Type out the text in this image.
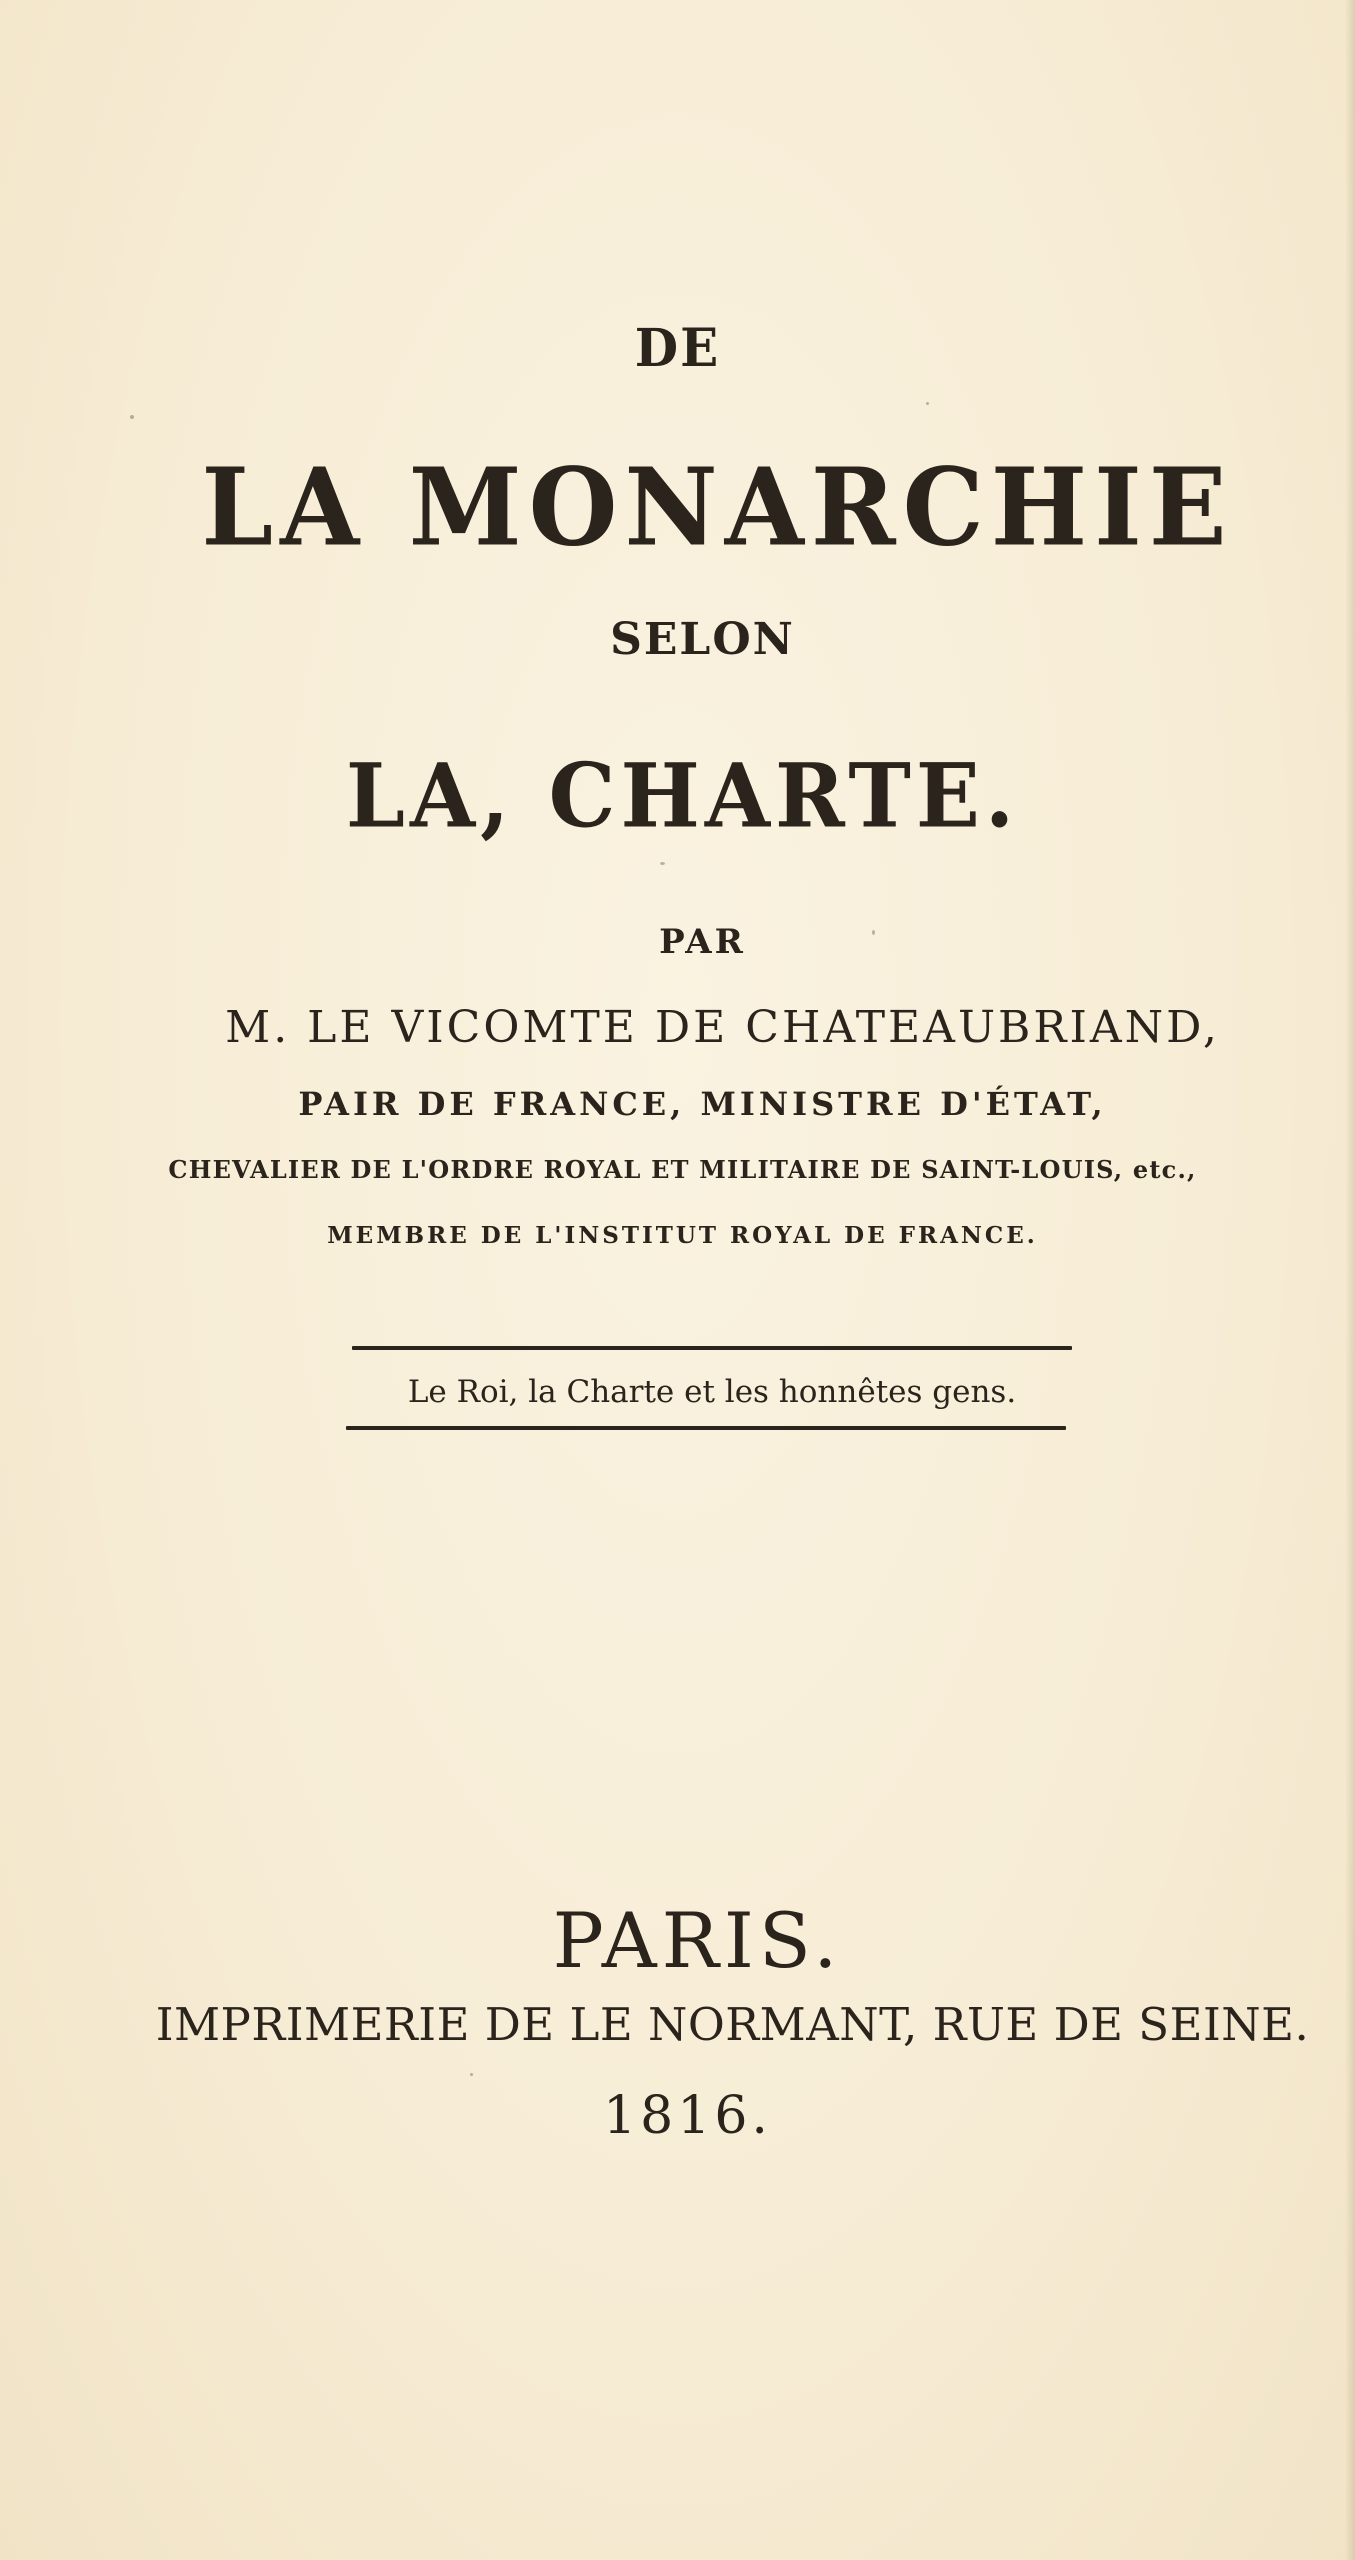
DE
LA MONARCHIE
SELON
LA, CHARTE.
PAR
M. LE VICOMTE DE CHATEAUBRIAND,
PAIR DE FRANCE, MINISTRE D'ÉTAT,
CHEVALIER DE L'ORDRE ROYAL ET MILITAIRE DE SAINT-LOUIS, etc.,
MEMBRE DE L'INSTITUT ROYAL DE FRANCE.
Le Roi, la Charte et les honnêtes gens.
PARIS.
IMPRIMERIE DE LE NORMANT, RUE DE SEINE.
1816.
